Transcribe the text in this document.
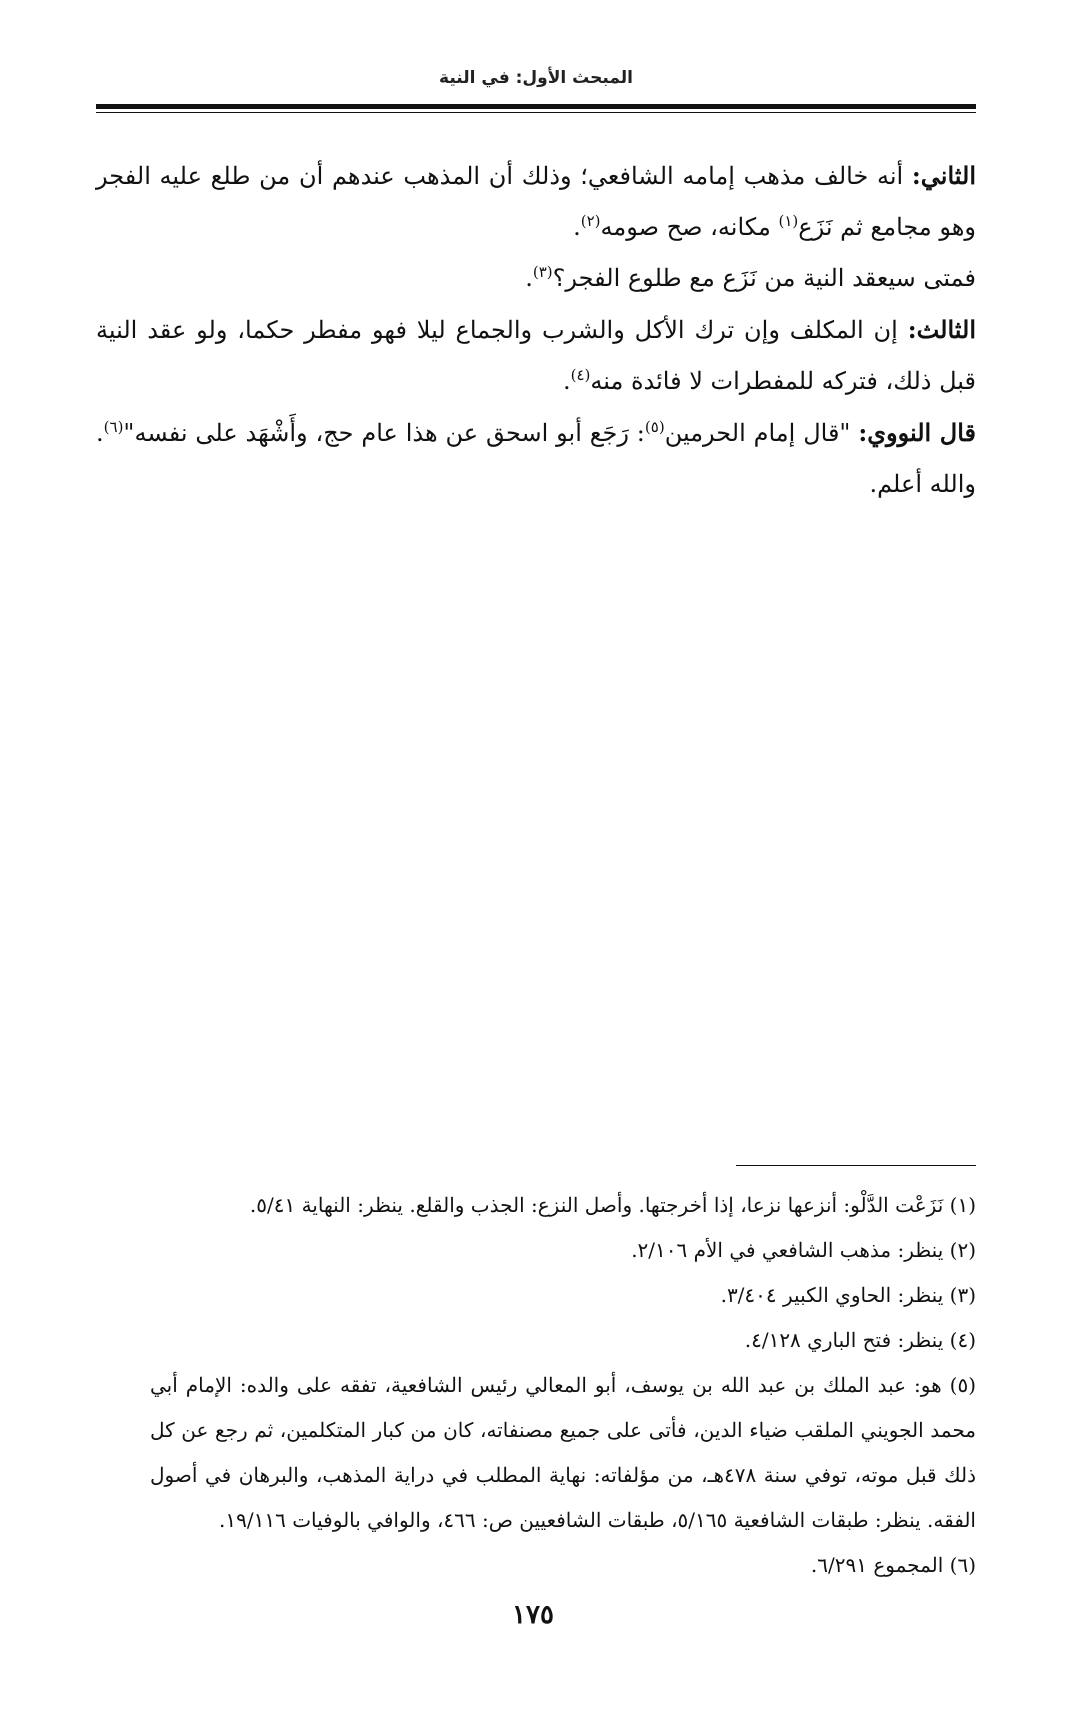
المبحث الأول: في النية

الثاني: أنه خالف مذهب إمامه الشافعي؛ وذلك أن المذهب عندهم أن من طلع عليه الفجر وهو مجامع ثم نَزَع$^{(١)}$ مكانه، صح صومه$^{(٢)}$.

فمتى سيعقد النية من نَزَع مع طلوع الفجر؟$^{(٣)}$.

الثالث: إن المكلف وإن ترك الأكل والشرب والجماع ليلا فهو مفطر حكما، ولو عقد النية قبل ذلك، فتركه للمفطرات لا فائدة منه$^{(٤)}$.

قال النووي: "قال إمام الحرمين$^{(٥)}$: رَجَع أبو اسحق عن هذا عام حج، وأَشْهَد على نفسه"$^{(٦)}$. والله أعلم.

(١) نَزَعْت الدَّلْو: أنزعها نزعا، إذا أخرجتها. وأصل النزع: الجذب والقلع. ينظر: النهاية ٥/٤١.

(٢) ينظر: مذهب الشافعي في الأم ٢/١٠٦.

(٣) ينظر: الحاوي الكبير ٣/٤٠٤.

(٤) ينظر: فتح الباري ٤/١٢٨.

(٥) هو: عبد الملك بن عبد الله بن يوسف، أبو المعالي رئيس الشافعية، تفقه على والده: الإمام أبي محمد الجويني الملقب ضياء الدين، فأتى على جميع مصنفاته، كان من كبار المتكلمين، ثم رجع عن كل ذلك قبل موته، توفي سنة ٤٧٨هـ، من مؤلفاته: نهاية المطلب في دراية المذهب، والبرهان في أصول الفقه. ينظر: طبقات الشافعية ٥/١٦٥، طبقات الشافعيين ص: ٤٦٦، والوافي بالوفيات ١٩/١١٦.

(٦) المجموع ٦/٢٩١.

١٧٥
